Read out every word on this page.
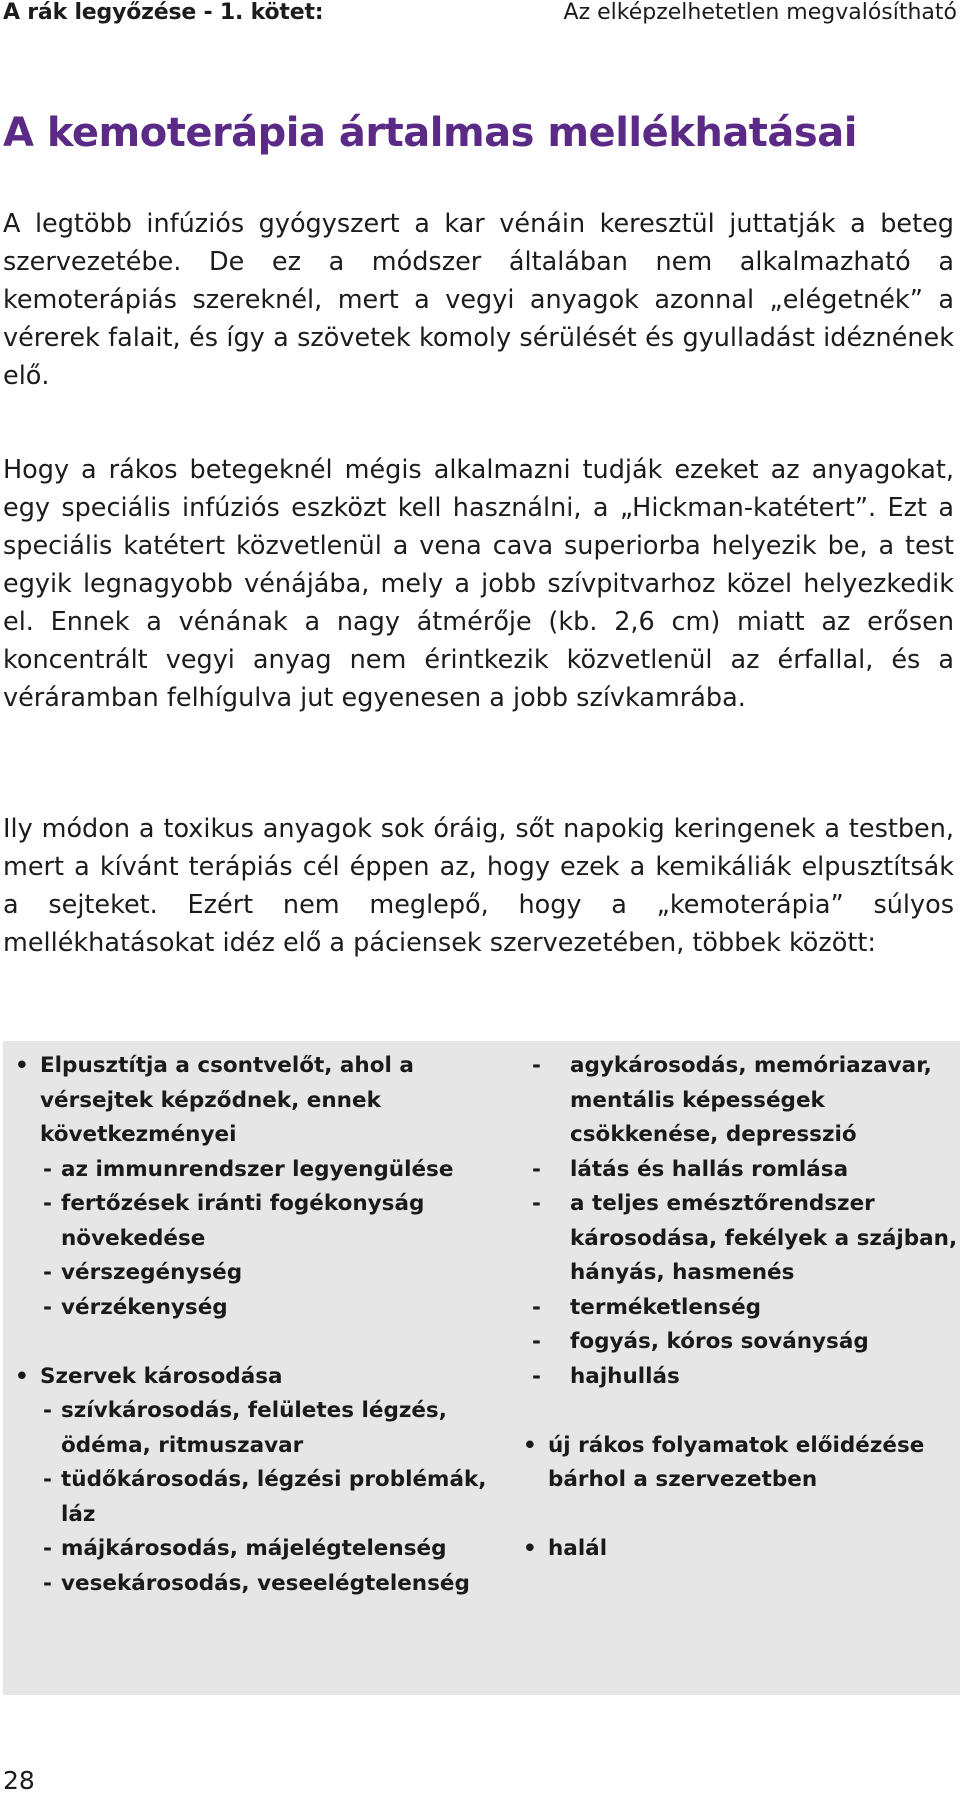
A rák legyőzése - 1. kötet:	Az elképzelhetetlen megvalósítható
A kemoterápia ártalmas mellékhatásai

A legtöbb infúziós gyógyszert a kar vénáin keresztül juttatják a beteg szervezetébe. De ez a módszer általában nem alkalmazható a kemoterápiás szereknél, mert a vegyi anyagok azonnal „elégetnék” a vérerek falait, és így a szövetek komoly sérülését és gyulladást idéznének elő.

Hogy a rákos betegeknél mégis alkalmazni tudják ezeket az anyagokat, egy speciális infúziós eszközt kell használni, a „Hickman-katétert”. Ezt a speciális katétert közvetlenül a vena cava superiorba helyezik be, a test egyik legnagyobb vénájába, mely a jobb szívpitvarhoz közel helyezkedik el. Ennek a vénának a nagy átmérője (kb. 2,6 cm) miatt az erősen koncentrált vegyi anyag nem érintkezik közvetlenül az érfallal, és a véráramban felhígulva jut egyenesen a jobb szívkamrába.

Ily módon a toxikus anyagok sok óráig, sőt napokig keringenek a testben, mert a kívánt terápiás cél éppen az, hogy ezek a kemikáliák elpusztítsák a sejteket. Ezért nem meglepő, hogy a „kemoterápia” súlyos mellékhatásokat idéz elő a páciensek szervezetében, többek között:

• Elpusztítja a csontvelőt, ahol a vérsejtek képződnek, ennek következményei
- az immunrendszer legyengülése
- fertőzések iránti fogékonyság növekedése
- vérszegénység
- vérzékenység
• Szervek károsodása
- szívkárosodás, felületes légzés, ödéma, ritmuszavar
- tüdőkárosodás, légzési problémák, láz
- májkárosodás, májelégtelenség
- vesekárosodás, veseelégtelenség
- agykárosodás, memóriazavar, mentális képességek csökkenése, depresszió
- látás és hallás romlása
- a teljes emésztőrendszer károsodása, fekélyek a szájban, hányás, hasmenés
- terméketlenség
- fogyás, kóros soványság
- hajhullás
• új rákos folyamatok előidézése bárhol a szervezetben
• halál
28
